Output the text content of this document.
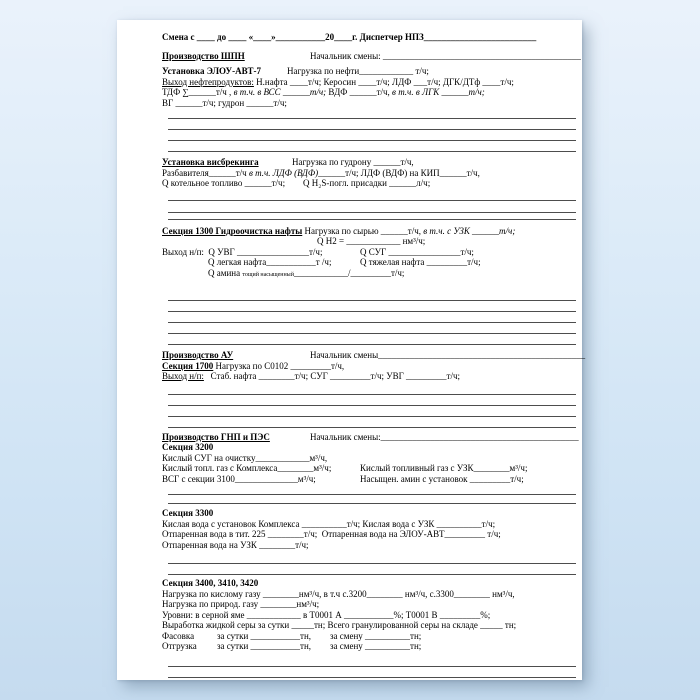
Смена с ____ до ____ «____»___________20____г. Диспетчер НПЗ_________________________
Производство ШПН	Начальник смены: ____________________________________________
Установка ЭЛОУ-АВТ-7	Нагрузка по нефти____________ т/ч;
Выход нефтепродуктов: Н.нафта ____т/ч; Керосин ____т/ч; ЛДФ ___т/ч; ДГК/ДТф ____т/ч;
ТДФ ∑______т/ч , в т.ч. в ВСС ______т/ч; ВДФ ______т/ч, в т.ч. в ЛГК ______т/ч;
ВГ ______т/ч; гудрон ______т/ч;
Установка висбрекинга	Нагрузка по гудрону ______т/ч,
Разбавителя______т/ч в т.ч. ЛДФ (ВДФ)______т/ч; ЛДФ (ВДФ) на КИП______т/ч,
Q котельное топливо ______т/ч; Q H₂S-погл. присадки ______л/ч;
Секция 1300 Гидроочистка нафты Нагрузка по сырью ______т/ч, в т.ч. с УЗК ______т/ч;
Q H2 = ____________ нм³/ч;
Выход н/п:  Q УВГ ________________т/ч;	Q СУГ ________________т/ч;
Q легкая нафта___________т /ч;	Q тяжелая нафта _________т/ч;
Q амина тощий насыщенный____________/_________т/ч;
Производство АУ	Начальник смены______________________________________________
Секция 1700 Нагрузка по С0102 _________т/ч,
Выход н/п:   Стаб. нафта ________т/ч; СУГ _________т/ч; УВГ _________т/ч;
Производство ГНП и ПЭС	Начальник смены:____________________________________________
Секция 3200
Кислый СУГ на очистку____________м³/ч,
Кислый топл. газ с Комплекса________м³/ч;	Кислый топливный газ с УЗК________м³/ч;
ВСГ с секции 3100______________м³/ч;	Насыщен. амин с установок _________т/ч;
Секция 3300
Кислая вода с установок Комплекса __________т/ч; Кислая вода с УЗК __________т/ч;
Отпаренная вода в тит. 225 ________т/ч;  Отпаренная вода на ЭЛОУ-АВТ_________ т/ч;
Отпаренная вода на УЗК ________т/ч;
Секция 3400, 3410, 3420
Нагрузка по кислому газу ________нм³/ч, в т.ч с.3200________ нм³/ч, с.3300________ нм³/ч,
Нагрузка по природ. газу ________нм³/ч;
Уровни: в серной яме ____________ в Т0001 А ___________%; Т0001 В _________%;
Выработка жидкой серы за сутки _____тн; Всего гранулированной серы на складе _____ тн;
Фасовка	за сутки ___________тн, за смену __________тн;
Отгрузка за сутки ___________тн, за смену __________тн;
